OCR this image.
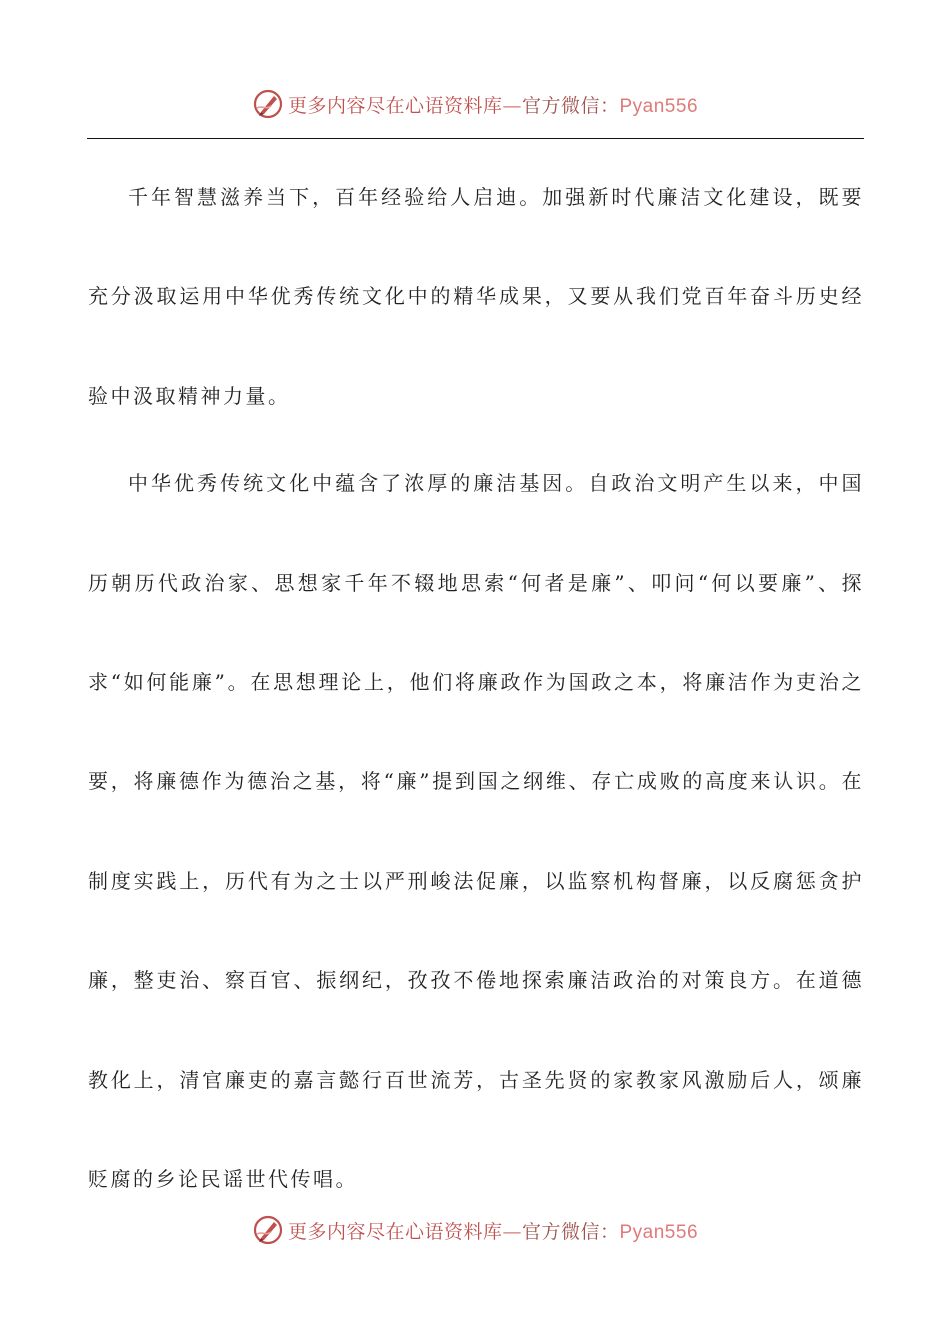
更多内容尽在心语资料库—官方微信：Pyan556

千年智慧滋养当下，百年经验给人启迪。加强新时代廉洁文化建设，既要充分汲取运用中华优秀传统文化中的精华成果，又要从我们党百年奋斗历史经验中汲取精神力量。

中华优秀传统文化中蕴含了浓厚的廉洁基因。自政治文明产生以来，中国历朝历代政治家、思想家千年不辍地思索“何者是廉”、叩问“何以要廉”、探求“如何能廉”。在思想理论上，他们将廉政作为国政之本，将廉洁作为吏治之要，将廉德作为德治之基，将“廉”提到国之纲维、存亡成败的高度来认识。在制度实践上，历代有为之士以严刑峻法促廉，以监察机构督廉，以反腐惩贪护廉，整吏治、察百官、振纲纪，孜孜不倦地探索廉洁政治的对策良方。在道德教化上，清官廉吏的嘉言懿行百世流芳，古圣先贤的家教家风激励后人，颂廉贬腐的乡论民谣世代传唱。

更多内容尽在心语资料库—官方微信：Pyan556
